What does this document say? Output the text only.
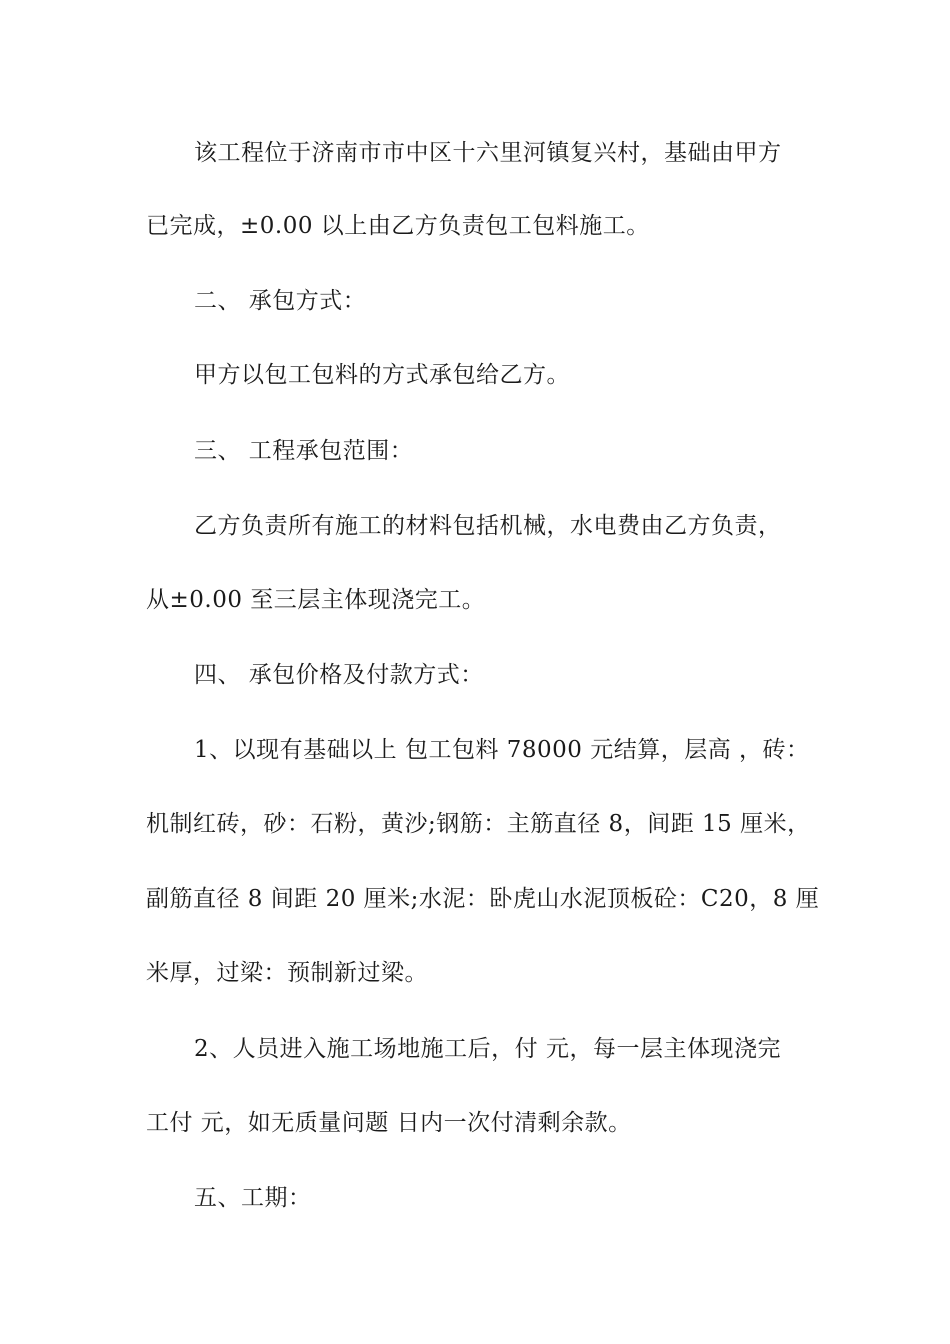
该工程位于济南市市中区十六里河镇复兴村，基础由甲方

已完成，±0.00 以上由乙方负责包工包料施工。

二、 承包方式：

甲方以包工包料的方式承包给乙方。

三、 工程承包范围：

乙方负责所有施工的材料包括机械，水电费由乙方负责，

从±0.00 至三层主体现浇完工。

四、 承包价格及付款方式：

1、以现有基础以上 包工包料 78000 元结算，层高 ，砖：

机制红砖，砂：石粉，黄沙;钢筋：主筋直径 8，间距 15 厘米，

副筋直径 8 间距 20 厘米;水泥：卧虎山水泥顶板砼：C20，8 厘

米厚，过梁：预制新过梁。

2、人员进入施工场地施工后，付 元，每一层主体现浇完

工付 元，如无质量问题 日内一次付清剩余款。

五、工期：
